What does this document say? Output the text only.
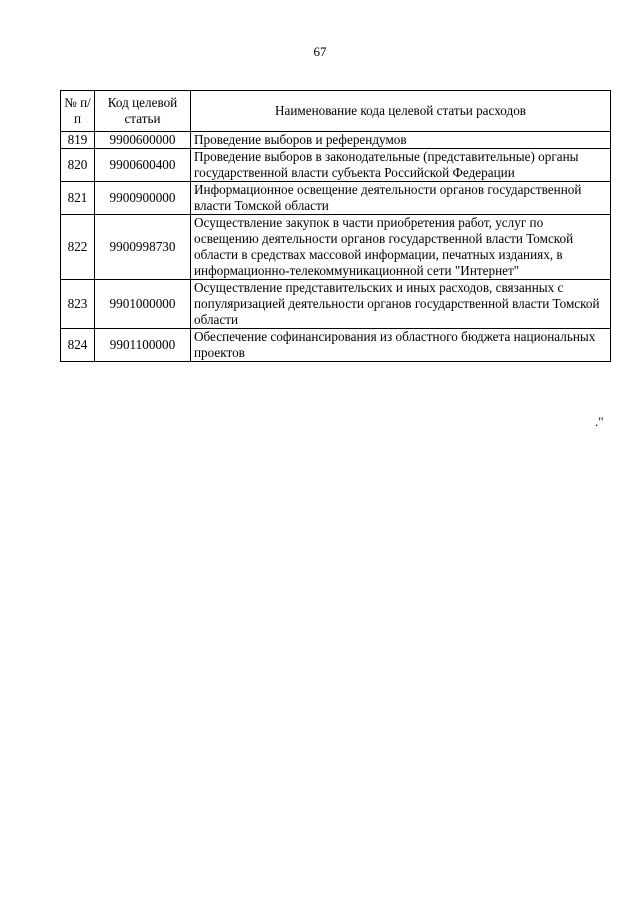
67
№ п/п	Код целевой статьи	Наименование кода целевой статьи расходов
819	9900600000	Проведение выборов и референдумов
820	9900600400	Проведение выборов в законодательные (представительные) органы государственной власти субъекта Российской Федерации
821	9900900000	Информационное освещение деятельности органов государственной власти Томской области
822	9900998730	Осуществление закупок в части приобретения работ, услуг по освещению деятельности органов государственной власти Томской области в средствах массовой информации, печатных изданиях, в информационно-телекоммуникационной сети "Интернет"
823	9901000000	Осуществление представительских и иных расходов, связанных с популяризацией деятельности органов государственной власти Томской области
824	9901100000	Обеспечение софинансирования из областного бюджета национальных проектов
."
